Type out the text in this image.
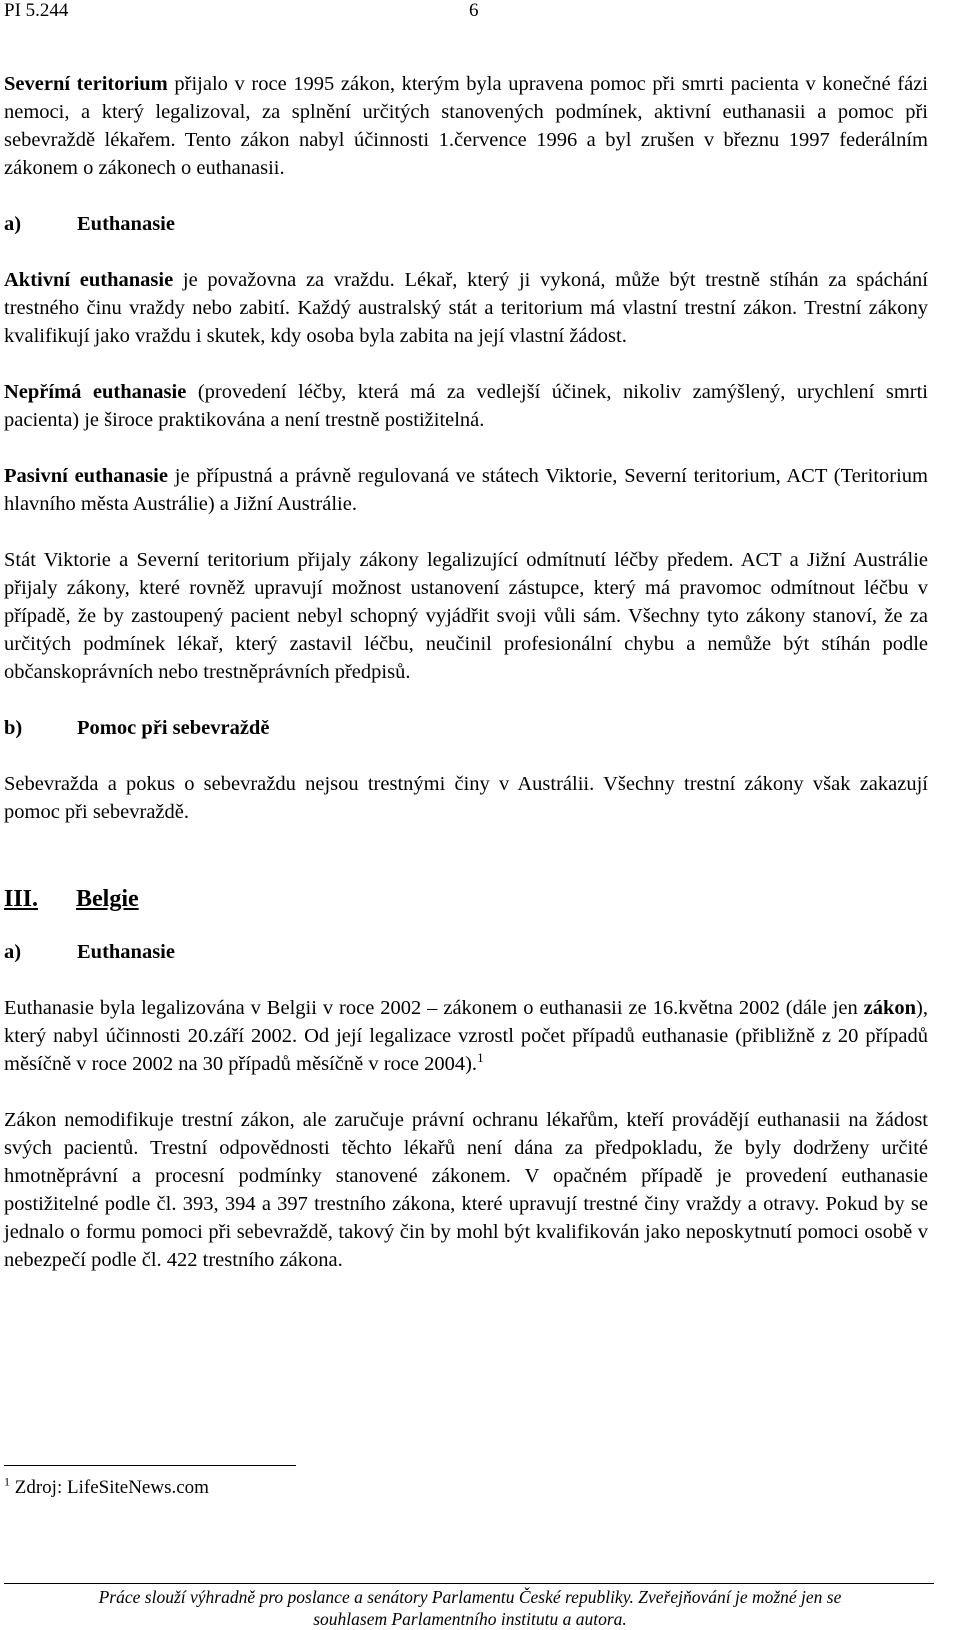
PI 5.244	6

Severní teritorium přijalo v roce 1995 zákon, kterým byla upravena pomoc při smrti pacienta v konečné fázi nemoci, a který legalizoval, za splnění určitých stanovených podmínek, aktivní euthanasii a pomoc při sebevraždě lékařem. Tento zákon nabyl účinnosti 1.července 1996 a byl zrušen v březnu 1997 federálním zákonem o zákonech o euthanasii.

a)	Euthanasie

Aktivní euthanasie je považovna za vraždu. Lékař, který ji vykoná, může být trestně stíhán za spáchání trestného činu vraždy nebo zabití. Každý australský stát a teritorium má vlastní trestní zákon. Trestní zákony kvalifikují jako vraždu i skutek, kdy osoba byla zabita na její vlastní žádost.

Nepřímá euthanasie (provedení léčby, která má za vedlejší účinek, nikoliv zamýšlený, urychlení smrti pacienta) je široce praktikována a není trestně postižitelná.

Pasivní euthanasie je přípustná a právně regulovaná ve státech Viktorie, Severní teritorium, ACT (Teritorium hlavního města Austrálie) a Jižní Austrálie.

Stát Viktorie a Severní teritorium přijaly zákony legalizující odmítnutí léčby předem. ACT a Jižní Austrálie přijaly zákony, které rovněž upravují možnost ustanovení zástupce, který má pravomoc odmítnout léčbu v případě, že by zastoupený pacient nebyl schopný vyjádřit svoji vůli sám. Všechny tyto zákony stanoví, že za určitých podmínek lékař, který zastavil léčbu, neučinil profesionální chybu a nemůže být stíhán podle občanskoprávních nebo trestněprávních předpisů.

b)	Pomoc při sebevraždě

Sebevražda a pokus o sebevraždu nejsou trestnými činy v Austrálii. Všechny trestní zákony však zakazují pomoc při sebevraždě.

III.	Belgie
a)	Euthanasie

Euthanasie byla legalizována v Belgii v roce 2002 – zákonem o euthanasii ze 16.května 2002 (dále jen zákon), který nabyl účinnosti 20.září 2002. Od její legalizace vzrostl počet případů euthanasie (přibližně z 20 případů měsíčně v roce 2002 na 30 případů měsíčně v roce 2004).$^1$

Zákon nemodifikuje trestní zákon, ale zaručuje právní ochranu lékařům, kteří provádějí euthanasii na žádost svých pacientů. Trestní odpovědnosti těchto lékařů není dána za předpokladu, že byly dodrženy určité hmotněprávní a procesní podmínky stanovené zákonem. V opačném případě je provedení euthanasie postižitelné podle čl. 393, 394 a 397 trestního zákona, které upravují trestné činy vraždy a otravy. Pokud by se jednalo o formu pomoci při sebevraždě, takový čin by mohl být kvalifikován jako neposkytnutí pomoci osobě v nebezpečí podle čl. 422 trestního zákona.

$^1$ Zdroj: LifeSiteNews.com
Práce slouží výhradně pro poslance a senátory Parlamentu České republiky. Zveřejňování je možné jen se
souhlasem Parlamentního institutu a autora.
